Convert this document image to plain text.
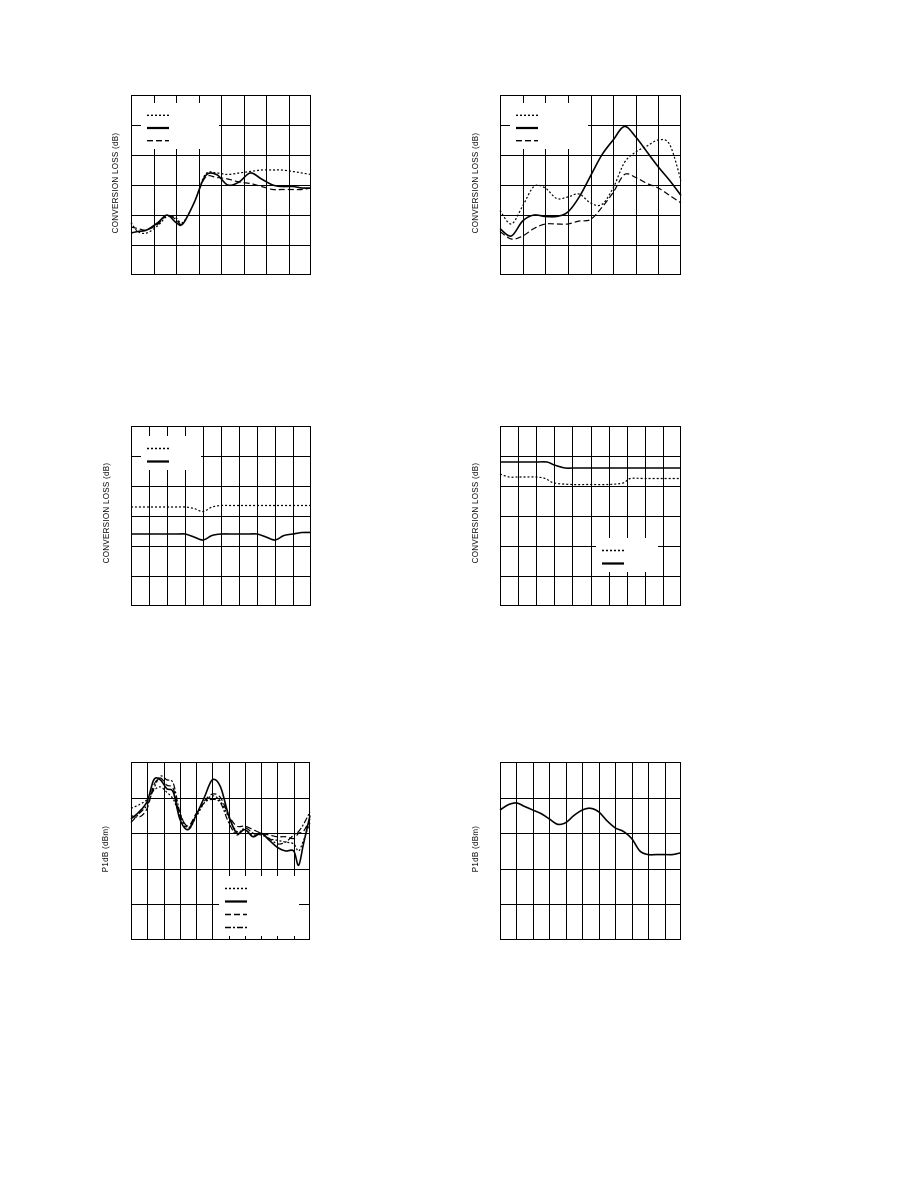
CONVERSION LOSS (dB)	CONVERSION LOSS (dB)
CONVERSION LOSS (dB)	CONVERSION LOSS (dB)
P1dB (dBm)	P1dB (dBm)
